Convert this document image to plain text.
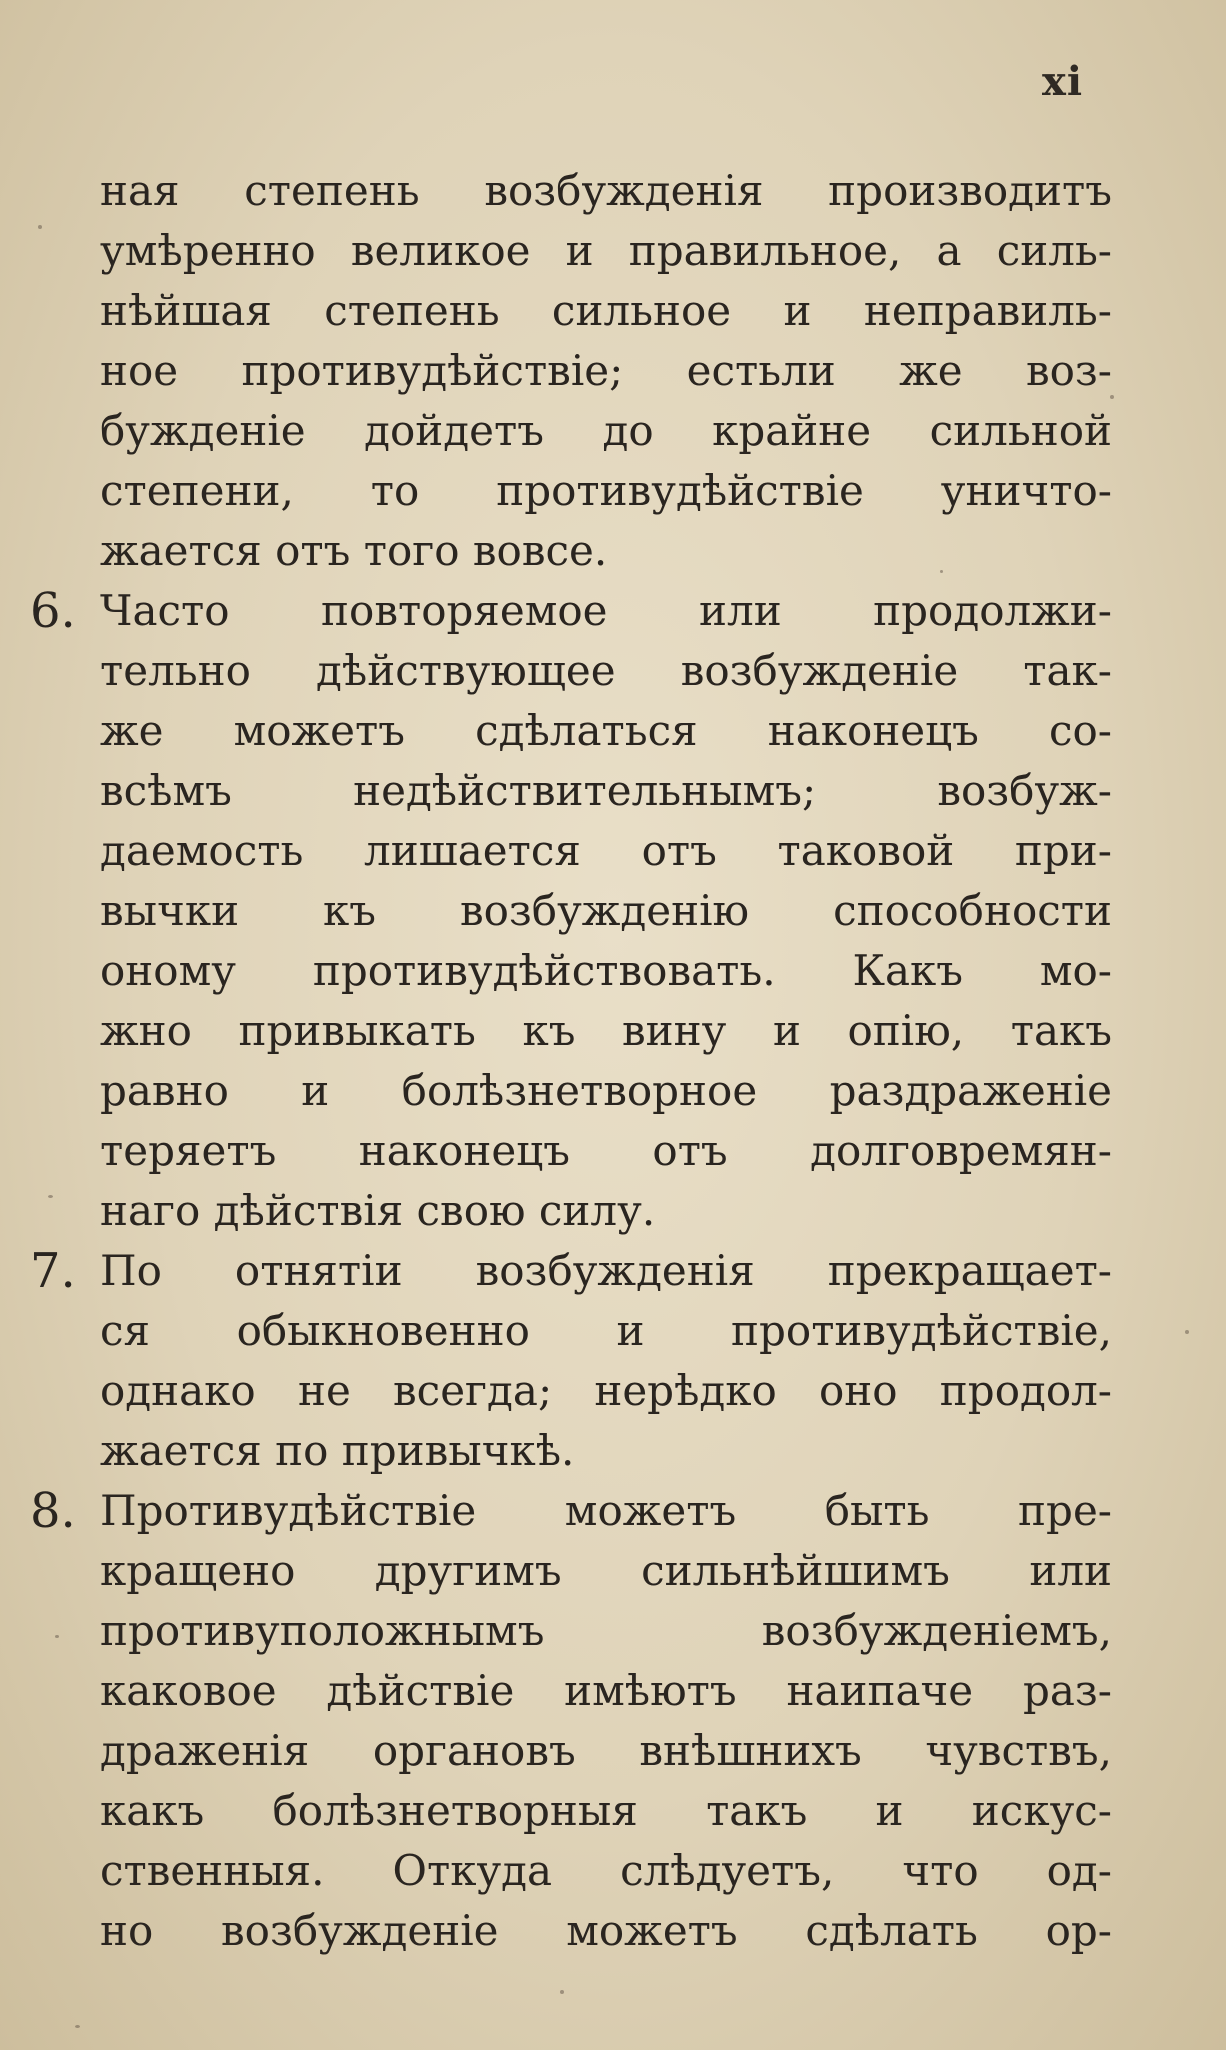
xi
ная степень возбужденія производитъ
умѣренно великое и правильное, а силь-
нѣйшая степень сильное и неправиль-
ное противудѣйствіе; естьли же воз-
бужденіе дойдетъ до крайне сильной
степени, то противудѣйствіе уничто-
жается отъ того вовсе.
6. Часто повторяемое или продолжи-
тельно дѣйствующее возбужденіе так-
же можетъ сдѣлаться наконецъ со-
всѣмъ недѣйствительнымъ; возбуж-
даемость лишается отъ таковой при-
вычки къ возбужденію способности
оному противудѣйствовать. Какъ мо-
жно привыкать къ вину и опію, такъ
равно и болѣзнетворное раздраженіе
теряетъ наконецъ отъ долговремян-
наго дѣйствія свою силу.
7. По отнятіи возбужденія прекращает-
ся обыкновенно и противудѣйствіе,
однако не всегда; нерѣдко оно продол-
жается по привычкѣ.
8. Противудѣйствіе можетъ быть пре-
кращено другимъ сильнѣйшимъ или
противуположнымъ возбужденіемъ,
каковое дѣйствіе имѣютъ наипаче раз-
драженія органовъ внѣшнихъ чувствъ,
какъ болѣзнетворныя такъ и искус-
ственныя. Откуда слѣдуетъ, что од-
но возбужденіе можетъ сдѣлать ор-
